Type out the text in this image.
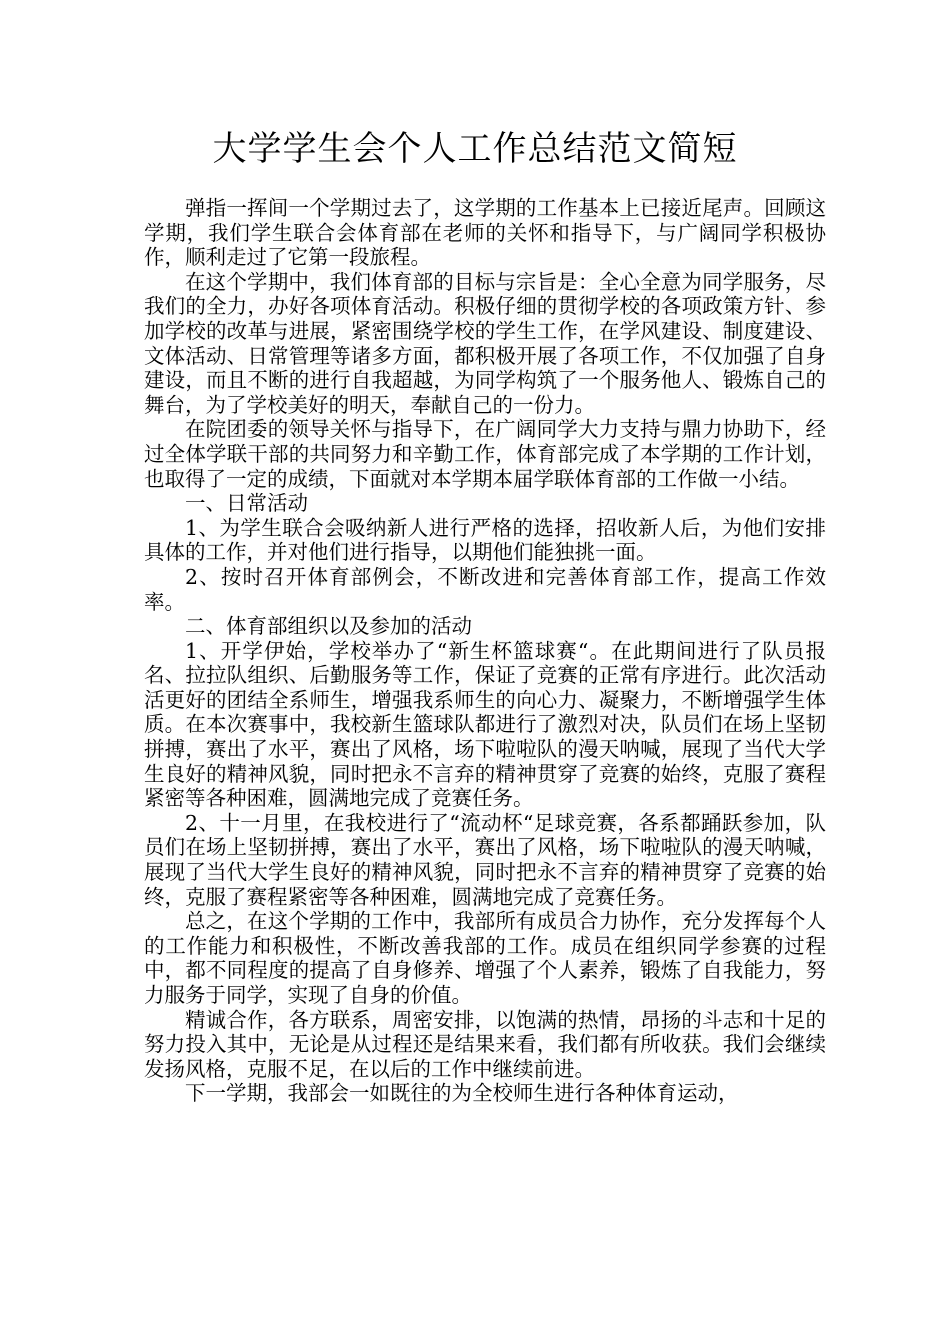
大学学生会个人工作总结范文简短

弹指一挥间一个学期过去了，这学期的工作基本上已接近尾声。回顾这学期，我们学生联合会体育部在老师的关怀和指导下，与广阔同学积极协作，顺利走过了它第一段旅程。

在这个学期中，我们体育部的目标与宗旨是：全心全意为同学服务，尽我们的全力，办好各项体育活动。积极仔细的贯彻学校的各项政策方针、参加学校的改革与进展，紧密围绕学校的学生工作，在学风建设、制度建设、文体活动、日常管理等诸多方面，都积极开展了各项工作，不仅加强了自身建设，而且不断的进行自我超越，为同学构筑了一个服务他人、锻炼自己的舞台，为了学校美好的明天，奉献自己的一份力。

在院团委的领导关怀与指导下，在广阔同学大力支持与鼎力协助下，经过全体学联干部的共同努力和辛勤工作，体育部完成了本学期的工作计划，也取得了一定的成绩，下面就对本学期本届学联体育部的工作做一小结。

一、日常活动

1、为学生联合会吸纳新人进行严格的选择，招收新人后，为他们安排具体的工作，并对他们进行指导，以期他们能独挑一面。

2、按时召开体育部例会，不断改进和完善体育部工作，提高工作效率。

二、体育部组织以及参加的活动

1、开学伊始，学校举办了“新生杯篮球赛“。在此期间进行了队员报名、拉拉队组织、后勤服务等工作，保证了竞赛的正常有序进行。此次活动活更好的团结全系师生，增强我系师生的向心力、凝聚力，不断增强学生体质。在本次赛事中，我校新生篮球队都进行了激烈对决，队员们在场上坚韧拼搏，赛出了水平，赛出了风格，场下啦啦队的漫天呐喊，展现了当代大学生良好的精神风貌，同时把永不言弃的精神贯穿了竞赛的始终，克服了赛程紧密等各种困难，圆满地完成了竞赛任务。

2、十一月里，在我校进行了“流动杯“足球竞赛，各系都踊跃参加，队员们在场上坚韧拼搏，赛出了水平，赛出了风格，场下啦啦队的漫天呐喊，展现了当代大学生良好的精神风貌，同时把永不言弃的精神贯穿了竞赛的始终，克服了赛程紧密等各种困难，圆满地完成了竞赛任务。

总之，在这个学期的工作中，我部所有成员合力协作，充分发挥每个人的工作能力和积极性，不断改善我部的工作。成员在组织同学参赛的过程中，都不同程度的提高了自身修养、增强了个人素养，锻炼了自我能力，努力服务于同学，实现了自身的价值。

精诚合作，各方联系，周密安排，以饱满的热情，昂扬的斗志和十足的努力投入其中，无论是从过程还是结果来看，我们都有所收获。我们会继续发扬风格，克服不足，在以后的工作中继续前进。

下一学期，我部会一如既往的为全校师生进行各种体育运动，
